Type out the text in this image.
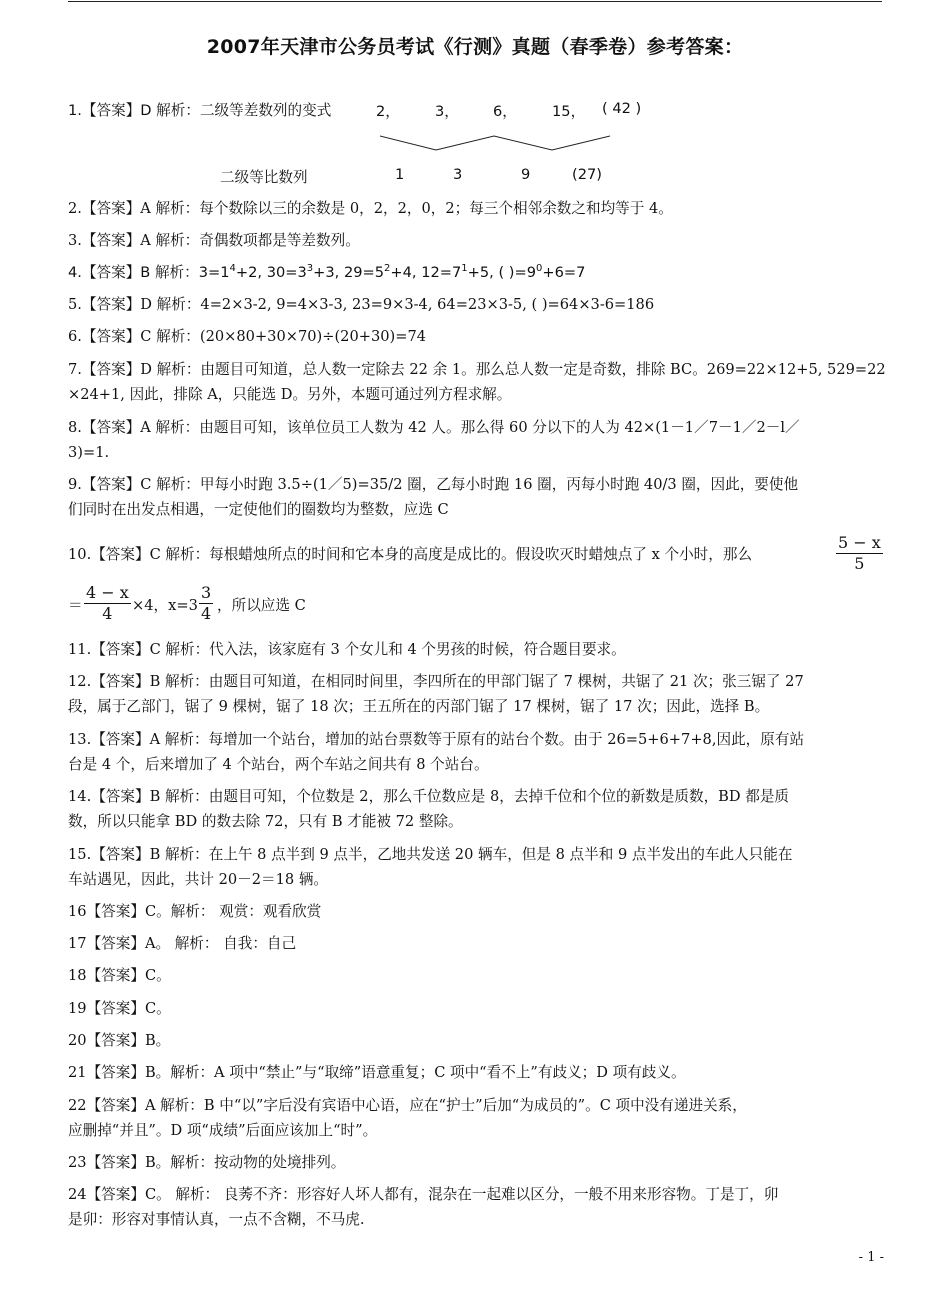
2007年天津市公务员考试《行测》真题（春季卷）参考答案：
1.【答案】D 解析：二级等差数列的变式	2， 3， 6， 15， ( 42 )
二级等比数列	1	3	9	(27)
2.【答案】A 解析：每个数除以三的余数是 0，2，2，0，2；每三个相邻余数之和均等于 4。
3.【答案】A 解析：奇偶数项都是等差数列。
4.【答案】B 解析：$3=1^4+2$, $30=3^3+3$, $29=5^2+4$, $12=7^1+5$, ( )$=9^0+6=7$
5.【答案】D 解析：4=2×3-2, 9=4×3-3, 23=9×3-4, 64=23×3-5, ( )=64×3-6=186
6.【答案】C 解析：(20×80+30×70)÷(20+30)=74
7.【答案】D 解析：由题目可知道，总人数一定除去 22 余 1。那么总人数一定是奇数，排除 BC。269=22×12+5, 529=22
×24+1, 因此，排除 A，只能选 D。另外，本题可通过列方程求解。
8.【答案】A 解析：由题目可知，该单位员工人数为 42 人。那么得 60 分以下的人为 42×(1－1／7－1／2－l／
3)=1.
9.【答案】C 解析：甲每小时跑 3.5÷(1／5)=35/2 圈，乙每小时跑 16 圈，丙每小时跑 40/3 圈，因此，要使他
们同时在出发点相遇，一定使他们的圈数均为整数，应选 C
10.【答案】C 解析：每根蜡烛所点的时间和它本身的高度是成比的。假设吹灭时蜡烛点了 x 个小时，那么	$\frac{5 - x}{5}$
＝ $\frac{4 - x}{4} \times 4$，$x=3 \frac{3}{4}$ ，所以应选 C
11.【答案】C 解析：代入法，该家庭有 3 个女儿和 4 个男孩的时候，符合题目要求。
12.【答案】B 解析：由题目可知道，在相同时间里，李四所在的甲部门锯了 7 棵树，共锯了 21 次；张三锯了 27
段，属于乙部门，锯了 9 棵树，锯了 18 次；王五所在的丙部门锯了 17 棵树，锯了 17 次；因此，选择 B。
13.【答案】A 解析：每增加一个站台，增加的站台票数等于原有的站台个数。由于 26=5+6+7+8,因此，原有站
台是 4 个，后来增加了 4 个站台，两个车站之间共有 8 个站台。
14.【答案】B 解析：由题目可知，个位数是 2，那么千位数应是 8，去掉千位和个位的新数是质数，BD 都是质
数，所以只能拿 BD 的数去除 72，只有 B 才能被 72 整除。
15.【答案】B 解析：在上午 8 点半到 9 点半，乙地共发送 20 辆车，但是 8 点半和 9 点半发出的车此人只能在
车站遇见，因此，共计 20－2＝18 辆。
16【答案】C。解析： 观赏：观看欣赏
17【答案】A。 解析： 自我：自己
18【答案】C。
19【答案】C。
20【答案】B。
21【答案】B。解析：A 项中“禁止”与“取缔”语意重复；C 项中“看不上”有歧义；D 项有歧义。
22【答案】A 解析：B 中“以”字后没有宾语中心语，应在“护士”后加“为成员的”。C 项中没有递进关系，
应删掉“并且”。D 项“成绩”后面应该加上“时”。
23【答案】B。解析：按动物的处境排列。
24【答案】C。 解析： 良莠不齐：形容好人坏人都有，混杂在一起难以区分，一般不用来形容物。丁是丁，卯
是卯：形容对事情认真，一点不含糊，不马虎.
- 1 -
